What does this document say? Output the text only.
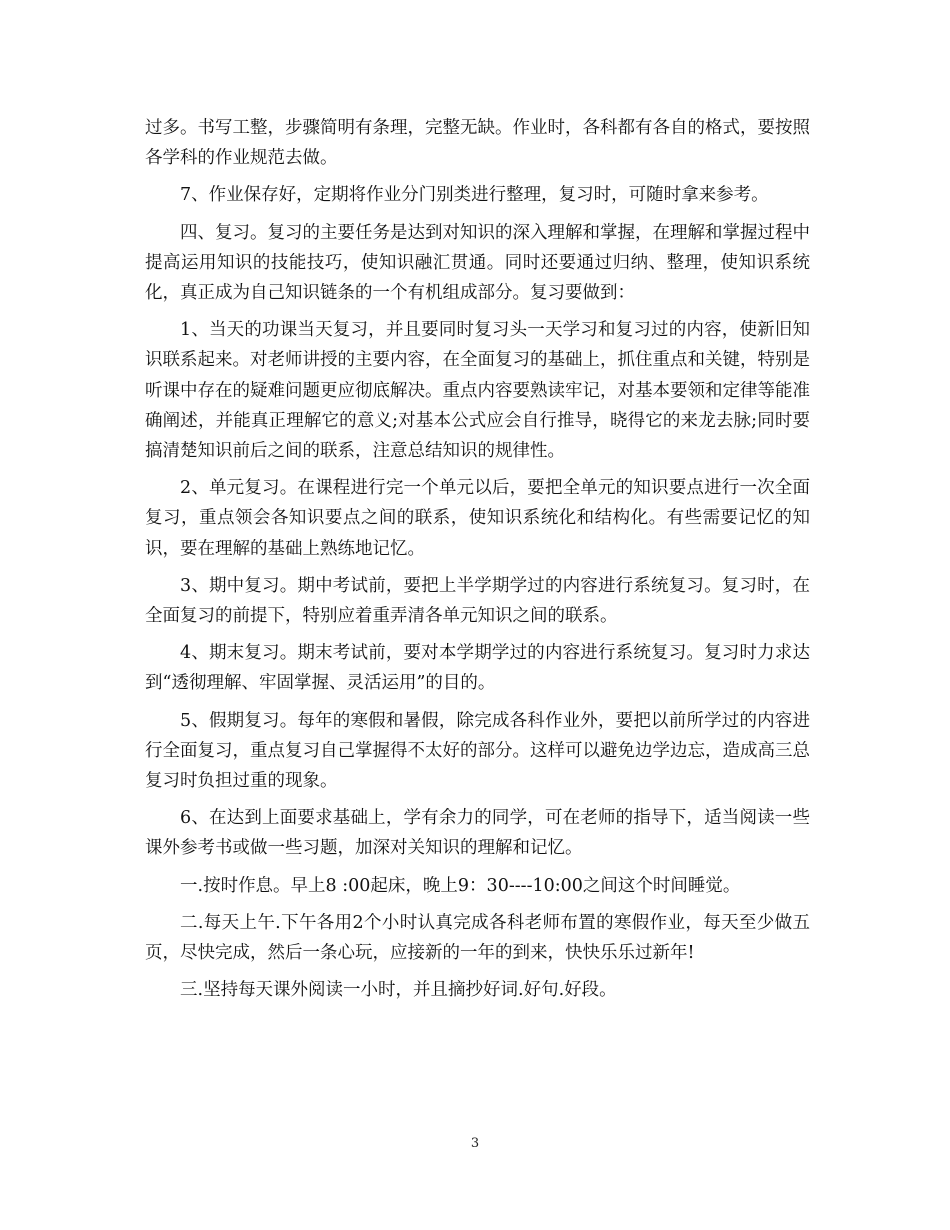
过多。书写工整，步骤简明有条理，完整无缺。作业时，各科都有各自的格式，要按照各学科的作业规范去做。

7、作业保存好，定期将作业分门别类进行整理，复习时，可随时拿来参考。

四、复习。复习的主要任务是达到对知识的深入理解和掌握，在理解和掌握过程中提高运用知识的技能技巧，使知识融汇贯通。同时还要通过归纳、整理，使知识系统化，真正成为自己知识链条的一个有机组成部分。复习要做到：

1、当天的功课当天复习，并且要同时复习头一天学习和复习过的内容，使新旧知识联系起来。对老师讲授的主要内容，在全面复习的基础上，抓住重点和关键，特别是听课中存在的疑难问题更应彻底解决。重点内容要熟读牢记，对基本要领和定律等能准确阐述，并能真正理解它的意义;对基本公式应会自行推导，晓得它的来龙去脉;同时要搞清楚知识前后之间的联系，注意总结知识的规律性。

2、单元复习。在课程进行完一个单元以后，要把全单元的知识要点进行一次全面复习，重点领会各知识要点之间的联系，使知识系统化和结构化。有些需要记忆的知识，要在理解的基础上熟练地记忆。

3、期中复习。期中考试前，要把上半学期学过的内容进行系统复习。复习时，在全面复习的前提下，特别应着重弄清各单元知识之间的联系。

4、期末复习。期末考试前，要对本学期学过的内容进行系统复习。复习时力求达到“透彻理解、牢固掌握、灵活运用”的目的。

5、假期复习。每年的寒假和暑假，除完成各科作业外，要把以前所学过的内容进行全面复习，重点复习自己掌握得不太好的部分。这样可以避免边学边忘，造成高三总复习时负担过重的现象。

6、在达到上面要求基础上，学有余力的同学，可在老师的指导下，适当阅读一些课外参考书或做一些习题，加深对关知识的理解和记忆。

一.按时作息。早上8 :00起床，晚上9：30----10:00之间这个时间睡觉。

二.每天上午.下午各用2个小时认真完成各科老师布置的寒假作业，每天至少做五页，尽快完成，然后一条心玩，应接新的一年的到来，快快乐乐过新年!

三.坚持每天课外阅读一小时，并且摘抄好词.好句.好段。

3
